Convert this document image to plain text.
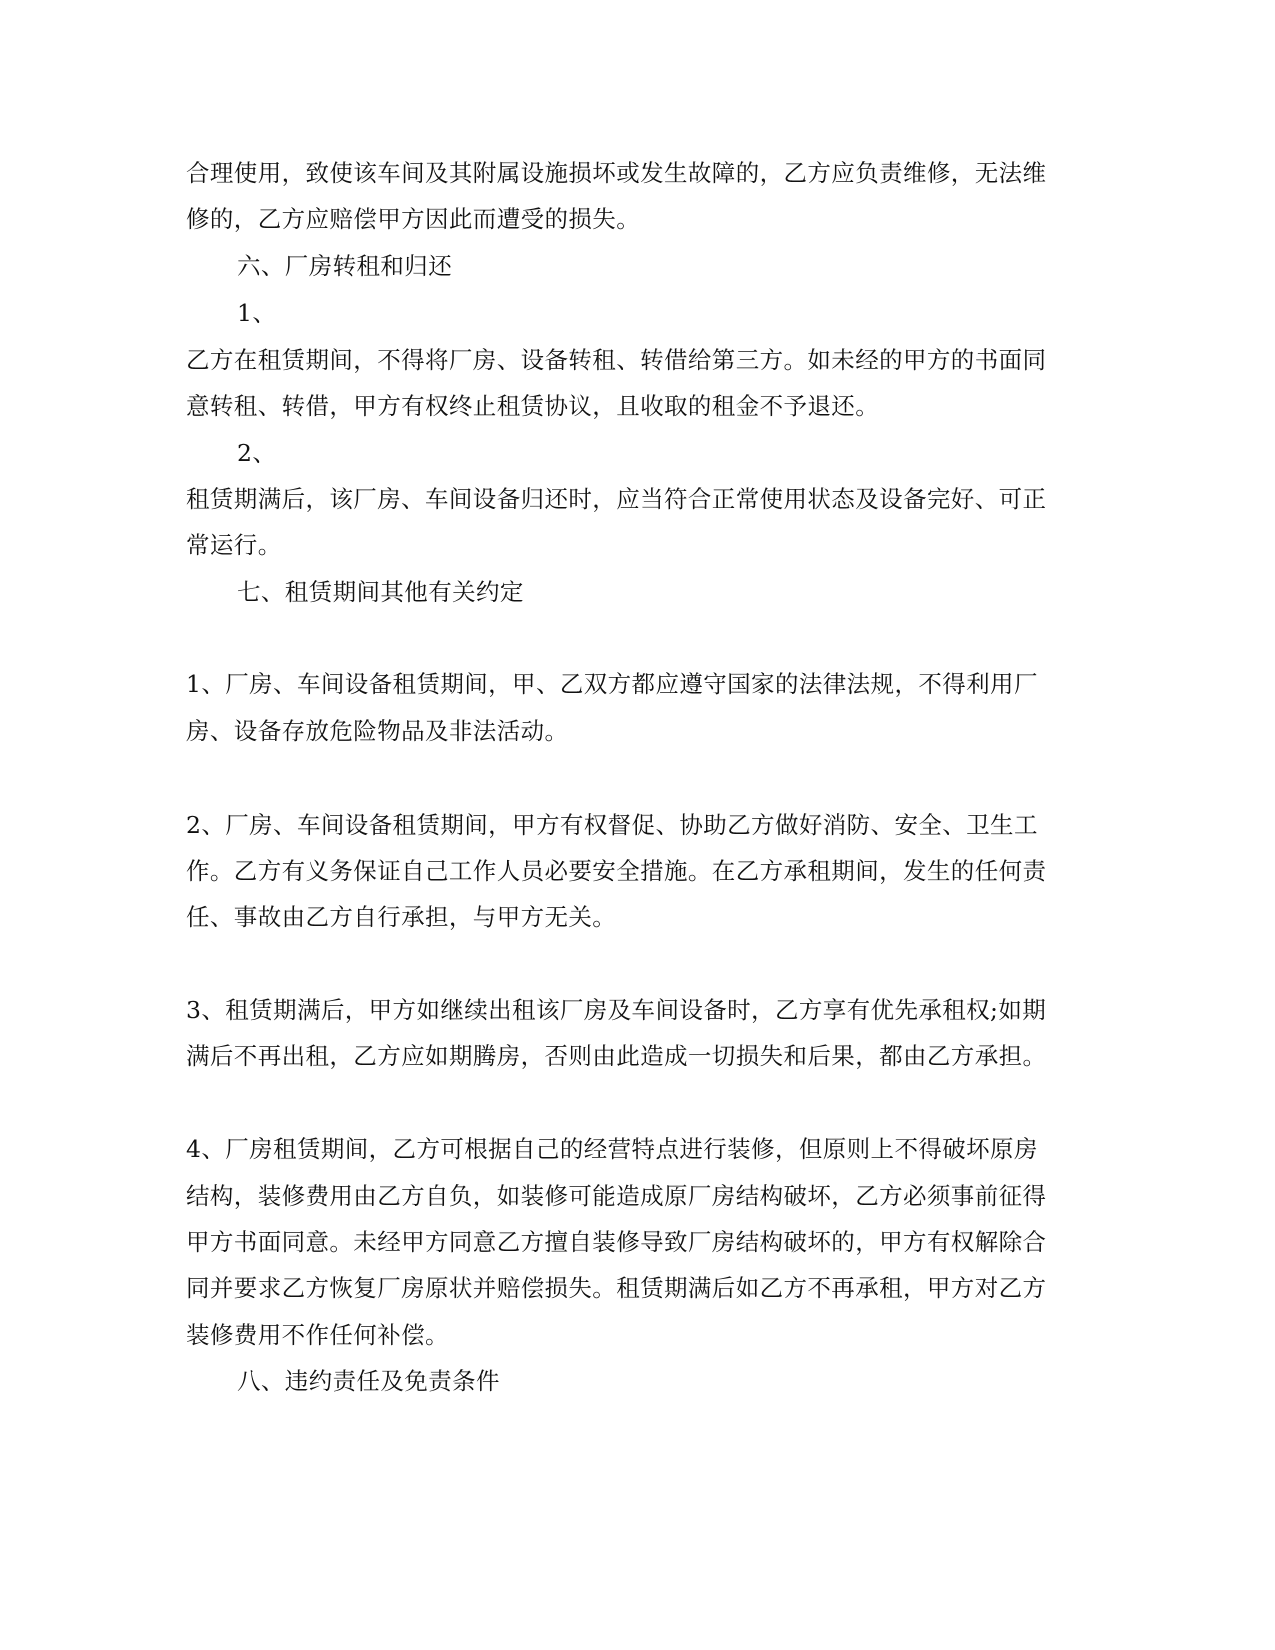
合理使用，致使该车间及其附属设施损坏或发生故障的，乙方应负责维修，无法维
修的，乙方应赔偿甲方因此而遭受的损失。
六、厂房转租和归还
1、
乙方在租赁期间，不得将厂房、设备转租、转借给第三方。如未经的甲方的书面同
意转租、转借，甲方有权终止租赁协议，且收取的租金不予退还。
2、
租赁期满后，该厂房、车间设备归还时，应当符合正常使用状态及设备完好、可正
常运行。
七、租赁期间其他有关约定
1、厂房、车间设备租赁期间，甲、乙双方都应遵守国家的法律法规，不得利用厂
房、设备存放危险物品及非法活动。
2、厂房、车间设备租赁期间，甲方有权督促、协助乙方做好消防、安全、卫生工
作。乙方有义务保证自己工作人员必要安全措施。在乙方承租期间，发生的任何责
任、事故由乙方自行承担，与甲方无关。
3、租赁期满后，甲方如继续出租该厂房及车间设备时，乙方享有优先承租权;如期
满后不再出租，乙方应如期腾房，否则由此造成一切损失和后果，都由乙方承担。
4、厂房租赁期间，乙方可根据自己的经营特点进行装修，但原则上不得破坏原房
结构，装修费用由乙方自负，如装修可能造成原厂房结构破坏，乙方必须事前征得
甲方书面同意。未经甲方同意乙方擅自装修导致厂房结构破坏的，甲方有权解除合
同并要求乙方恢复厂房原状并赔偿损失。租赁期满后如乙方不再承租，甲方对乙方
装修费用不作任何补偿。
八、违约责任及免责条件
